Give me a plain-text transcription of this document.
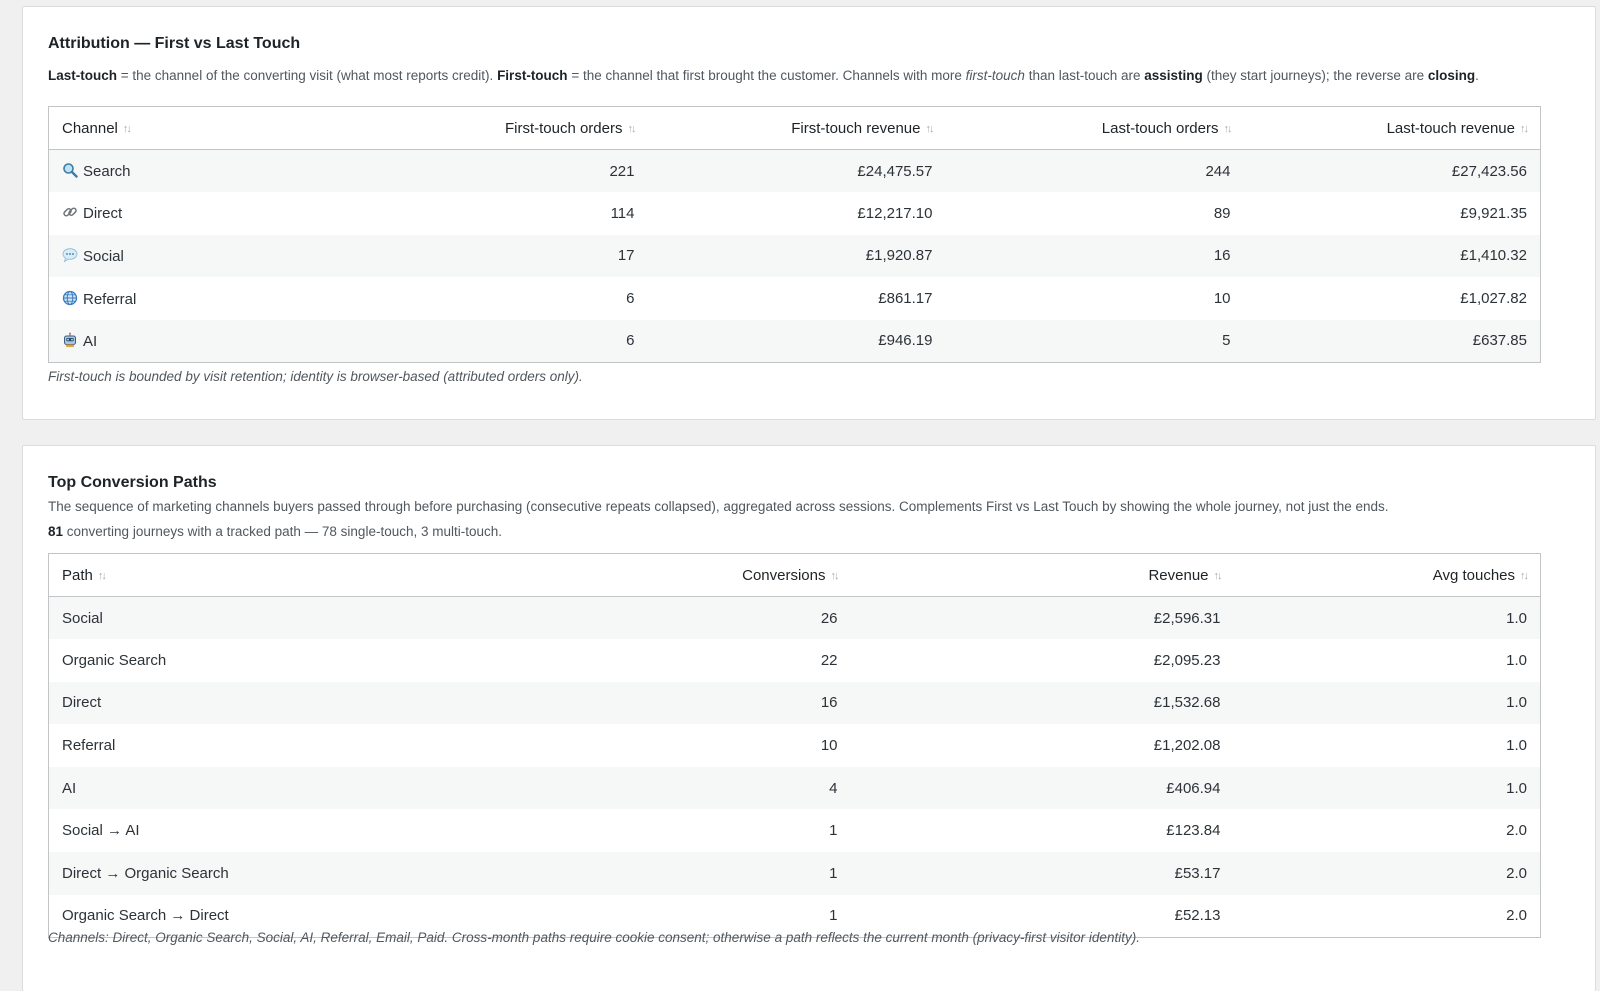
Attribution — First vs Last Touch
Last-touch = the channel of the converting visit (what most reports credit). First-touch = the channel that first brought the customer. Channels with more first-touch than last-touch are assisting (they start journeys); the reverse are closing.
Channel ↑↓	First-touch orders ↑↓	First-touch revenue ↑↓	Last-touch orders ↑↓	Last-touch revenue ↑↓
Search	221	£24,475.57	244	£27,423.56
Direct	114	£12,217.10	89	£9,921.35
Social	17	£1,920.87	16	£1,410.32
Referral	6	£861.17	10	£1,027.82
AI	6	£946.19	5	£637.85
First-touch is bounded by visit retention; identity is browser-based (attributed orders only).
Top Conversion Paths
The sequence of marketing channels buyers passed through before purchasing (consecutive repeats collapsed), aggregated across sessions. Complements First vs Last Touch by showing the whole journey, not just the ends.
81 converting journeys with a tracked path — 78 single-touch, 3 multi-touch.
Path ↑↓	Conversions ↑↓	Revenue ↑↓	Avg touches ↑↓
Social	26	£2,596.31	1.0
Organic Search	22	£2,095.23	1.0
Direct	16	£1,532.68	1.0
Referral	10	£1,202.08	1.0
AI	4	£406.94	1.0
Social → AI	1	£123.84	2.0
Direct → Organic Search	1	£53.17	2.0
Organic Search → Direct	1	£52.13	2.0
Channels: Direct, Organic Search, Social, AI, Referral, Email, Paid. Cross-month paths require cookie consent; otherwise a path reflects the current month (privacy-first visitor identity).
